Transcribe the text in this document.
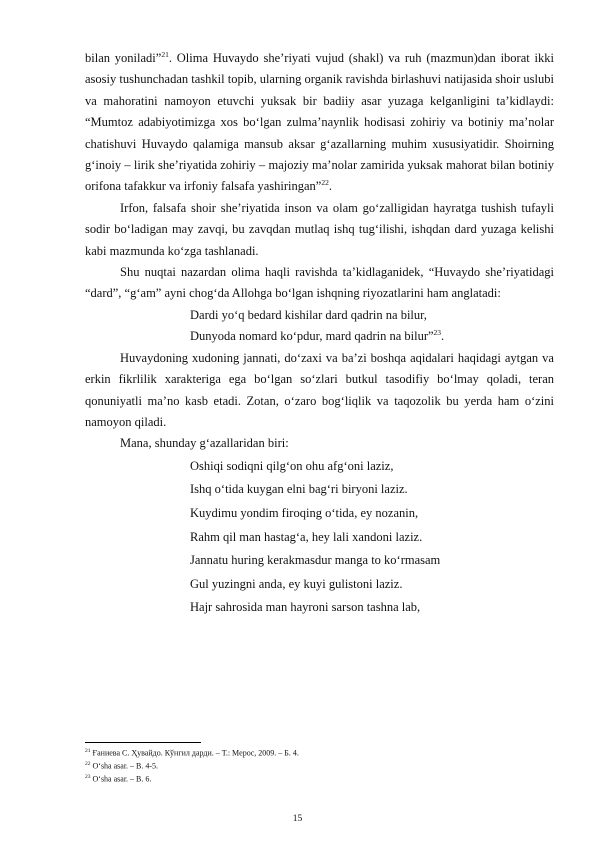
bilan yoniladi”$^{21}$. Olima Huvaydo she’riyati vujud (shakl) va ruh (mazmun)dan iborat ikki asosiy tushunchadan tashkil topib, ularning organik ravishda birlashuvi natijasida shoir uslubi va mahoratini namoyon etuvchi yuksak bir badiiy asar yuzaga kelganligini ta’kidlaydi: “Mumtoz adabiyotimizga xos bo‘lgan zulma’naynlik hodisasi zohiriy va botiniy ma’nolar chatishuvi Huvaydo qalamiga mansub aksar g‘azallarning muhim xususiyatidir. Shoirning g‘inoiy – lirik she’riyatida zohiriy – majoziy ma’nolar zamirida yuksak mahorat bilan botiniy orifona tafakkur va irfoniy falsafa yashiringan”$^{22}$.

Irfon, falsafa shoir she’riyatida inson va olam go‘zalligidan hayratga tushish tufayli sodir bo‘ladigan may zavqi, bu zavqdan mutlaq ishq tug‘ilishi, ishqdan dard yuzaga kelishi kabi mazmunda ko‘zga tashlanadi.

Shu nuqtai nazardan olima haqli ravishda ta’kidlaganidek, “Huvaydo she’riyatidagi “dard”, “g‘am” ayni chog‘da Allohga bo‘lgan ishqning riyozatlarini ham anglatadi:

Dardi yo‘q bedard kishilar dard qadrin na bilur,

Dunyoda nomard ko‘pdur, mard qadrin na bilur”$^{23}$.

Huvaydoning xudoning jannati, do‘zaxi va ba’zi boshqa aqidalari haqidagi aytgan va erkin fikrlilik xarakteriga ega bo‘lgan so‘zlari butkul tasodifiy bo‘lmay qoladi, teran qonuniyatli ma’no kasb etadi. Zotan, o‘zaro bog‘liqlik va taqozolik bu yerda ham o‘zini namoyon qiladi.

Mana, shunday g‘azallaridan biri:

Oshiqi sodiqni qilg‘on ohu afg‘oni laziz,

Ishq o‘tida kuygan elni bag‘ri biryoni laziz.

Kuydimu yondim firoqing o‘tida, ey nozanin,

Rahm qil man hastag‘a, hey lali xandoni laziz.

Jannatu huring kerakmasdur manga to ko‘rmasam

Gul yuzingni anda, ey kuyi gulistoni laziz.

Hajr sahrosida man hayroni sarson tashna lab,

$^{21}$ Ғаниева С. Ҳувайдо. Кўнгил дарди. – Т.: Meрoс, 2009. – Б. 4.

$^{22}$ O‘sha asar. – B. 4-5.

$^{23}$ O‘sha asar. – B. 6.

15
